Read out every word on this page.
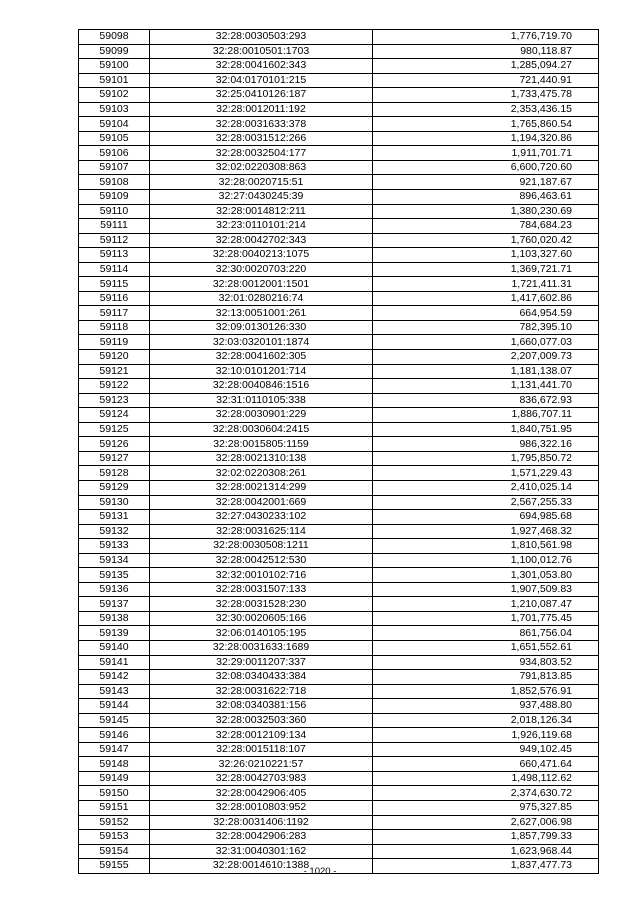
59098	32:28:0030503:293	1,776,719.70
59099	32:28:0010501:1703	980,118.87
59100	32:28:0041602:343	1,285,094.27
59101	32:04:0170101:215	721,440.91
59102	32:25:0410126:187	1,733,475.78
59103	32:28:0012011:192	2,353,436.15
59104	32:28:0031633:378	1,765,860.54
59105	32:28:0031512:266	1,194,320.86
59106	32:28:0032504:177	1,911,701.71
59107	32:02:0220308:863	6,600,720.60
59108	32:28:0020715:51	921,187.67
59109	32:27:0430245:39	896,463.61
59110	32:28:0014812:211	1,380,230.69
59111	32:23:0110101:214	784,684.23
59112	32:28:0042702:343	1,760,020.42
59113	32:28:0040213:1075	1,103,327.60
59114	32:30:0020703:220	1,369,721.71
59115	32:28:0012001:1501	1,721,411.31
59116	32:01:0280216:74	1,417,602.86
59117	32:13:0051001:261	664,954.59
59118	32:09:0130126:330	782,395.10
59119	32:03:0320101:1874	1,660,077.03
59120	32:28:0041602:305	2,207,009.73
59121	32:10:0101201:714	1,181,138.07
59122	32:28:0040846:1516	1,131,441.70
59123	32:31:0110105:338	836,672.93
59124	32:28:0030901:229	1,886,707.11
59125	32:28:0030604:2415	1,840,751.95
59126	32:28:0015805:1159	986,322.16
59127	32:28:0021310:138	1,795,850.72
59128	32:02:0220308:261	1,571,229.43
59129	32:28:0021314:299	2,410,025.14
59130	32:28:0042001:669	2,567,255.33
59131	32:27:0430233:102	694,985.68
59132	32:28:0031625:114	1,927,468.32
59133	32:28:0030508:1211	1,810,561.98
59134	32:28:0042512:530	1,100,012.76
59135	32:32:0010102:716	1,301,053.80
59136	32:28:0031507:133	1,907,509.83
59137	32:28:0031528:230	1,210,087.47
59138	32:30:0020605:166	1,701,775.45
59139	32:06:0140105:195	861,756.04
59140	32:28:0031633:1689	1,651,552.61
59141	32:29:0011207:337	934,803.52
59142	32:08:0340433:384	791,813.85
59143	32:28:0031622:718	1,852,576.91
59144	32:08:0340381:156	937,488.80
59145	32:28:0032503:360	2,018,126.34
59146	32:28:0012109:134	1,926,119.68
59147	32:28:0015118:107	949,102.45
59148	32:26:0210221:57	660,471.64
59149	32:28:0042703:983	1,498,112.62
59150	32:28:0042906:405	2,374,630.72
59151	32:28:0010803:952	975,327.85
59152	32:28:0031406:1192	2,627,006.98
59153	32:28:0042906:283	1,857,799.33
59154	32:31:0040301:162	1,623,968.44
59155	32:28:0014610:1388	1,837,477.73
- 1020 -
